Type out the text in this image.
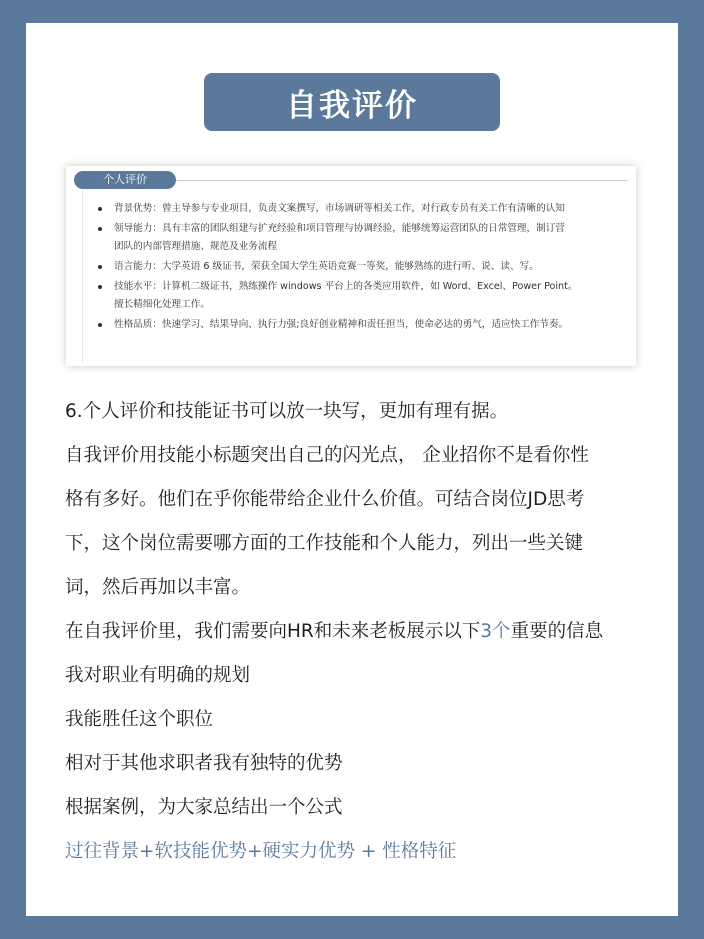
自我评价
个人评价
背景优势：曾主导参与专业项目，负责文案撰写，市场调研等相关工作，对行政专员有关工作有清晰的认知
领导能力：具有丰富的团队组建与扩充经验和项目管理与协调经验，能够统筹运营团队的日常管理，制订营
团队的内部管理措施、规范及业务流程
语言能力：大学英语 6 级证书，荣获全国大学生英语竞赛一等奖，能够熟练的进行听、说、读、写。
技能水平：计算机二级证书，熟练操作 windows 平台上的各类应用软件，如 Word、Excel、Power Point。
擅长精细化处理工作。
性格品质：快速学习、结果导向、执行力强;良好创业精神和责任担当，使命必达的勇气，适应快工作节奏。
6.个人评价和技能证书可以放一块写，更加有理有据。
自我评价用技能小标题突出自己的闪光点， 企业招你不是看你性
格有多好。他们在乎你能带给企业什么价值。可结合岗位JD思考
下，这个岗位需要哪方面的工作技能和个人能力，列出一些关键
词，然后再加以丰富。
在自我评价里，我们需要向HR和未来老板展示以下3个重要的信息
我对职业有明确的规划
我能胜任这个职位
相对于其他求职者我有独特的优势
根据案例，为大家总结出一个公式
过往背景+软技能优势+硬实力优势 + 性格特征
